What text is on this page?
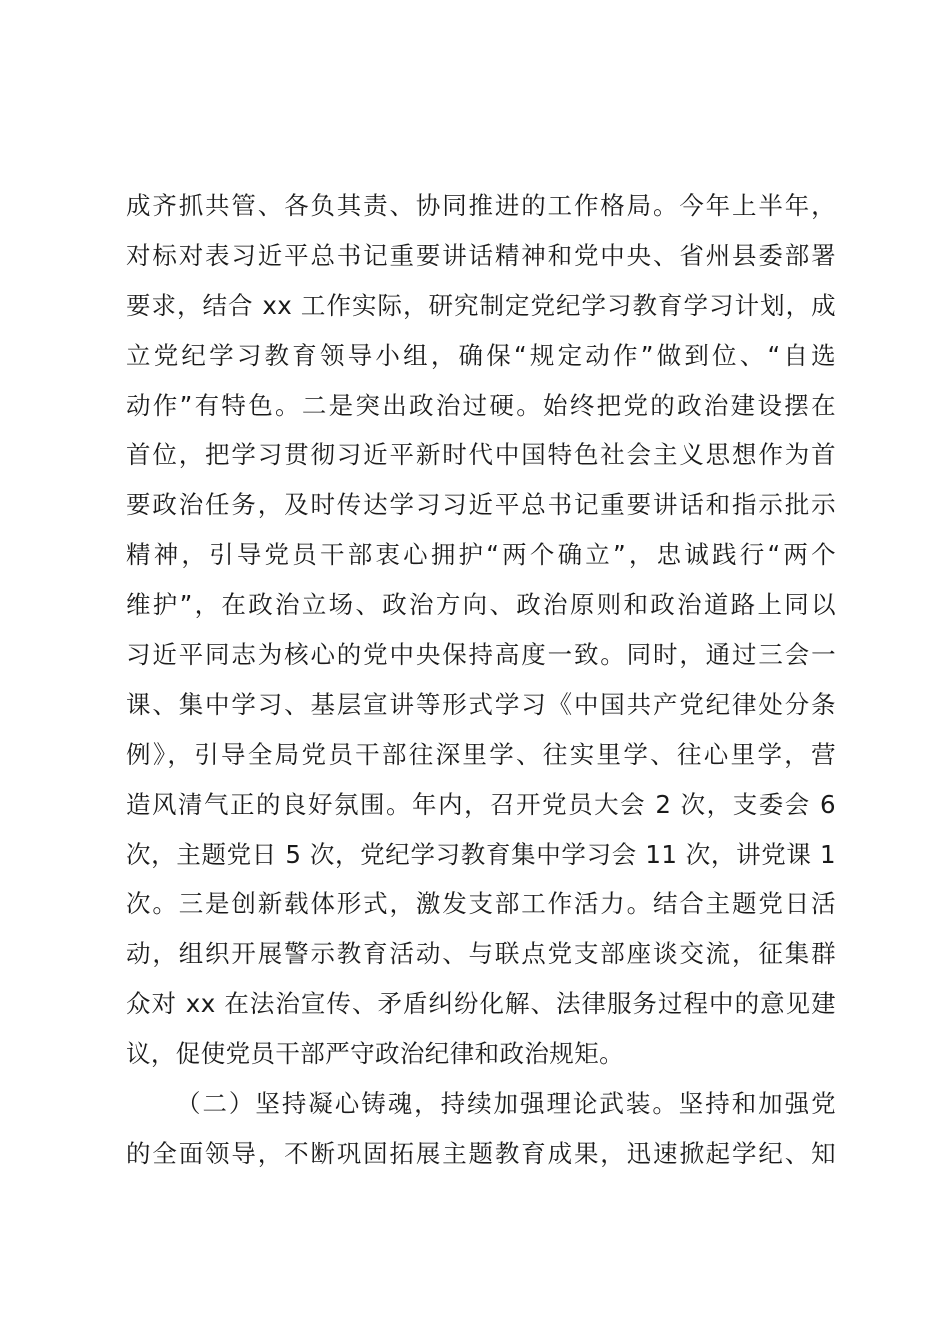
成齐抓共管、各负其责、协同推进的工作格局。今年上半年，
对标对表习近平总书记重要讲话精神和党中央、省州县委部署
要求，结合 xx 工作实际，研究制定党纪学习教育学习计划，成
立党纪学习教育领导小组，确保“规定动作”做到位、“自选
动作”有特色。二是突出政治过硬。始终把党的政治建设摆在
首位，把学习贯彻习近平新时代中国特色社会主义思想作为首
要政治任务，及时传达学习习近平总书记重要讲话和指示批示
精神，引导党员干部衷心拥护“两个确立”，忠诚践行“两个
维护”，在政治立场、政治方向、政治原则和政治道路上同以
习近平同志为核心的党中央保持高度一致。同时，通过三会一
课、集中学习、基层宣讲等形式学习《中国共产党纪律处分条
例》，引导全局党员干部往深里学、往实里学、往心里学，营
造风清气正的良好氛围。年内，召开党员大会 2 次，支委会 6
次，主题党日 5 次，党纪学习教育集中学习会 11 次，讲党课 1
次。三是创新载体形式，激发支部工作活力。结合主题党日活
动，组织开展警示教育活动、与联点党支部座谈交流，征集群
众对 xx 在法治宣传、矛盾纠纷化解、法律服务过程中的意见建
议，促使党员干部严守政治纪律和政治规矩。
（二）坚持凝心铸魂，持续加强理论武装。坚持和加强党
的全面领导，不断巩固拓展主题教育成果，迅速掀起学纪、知
